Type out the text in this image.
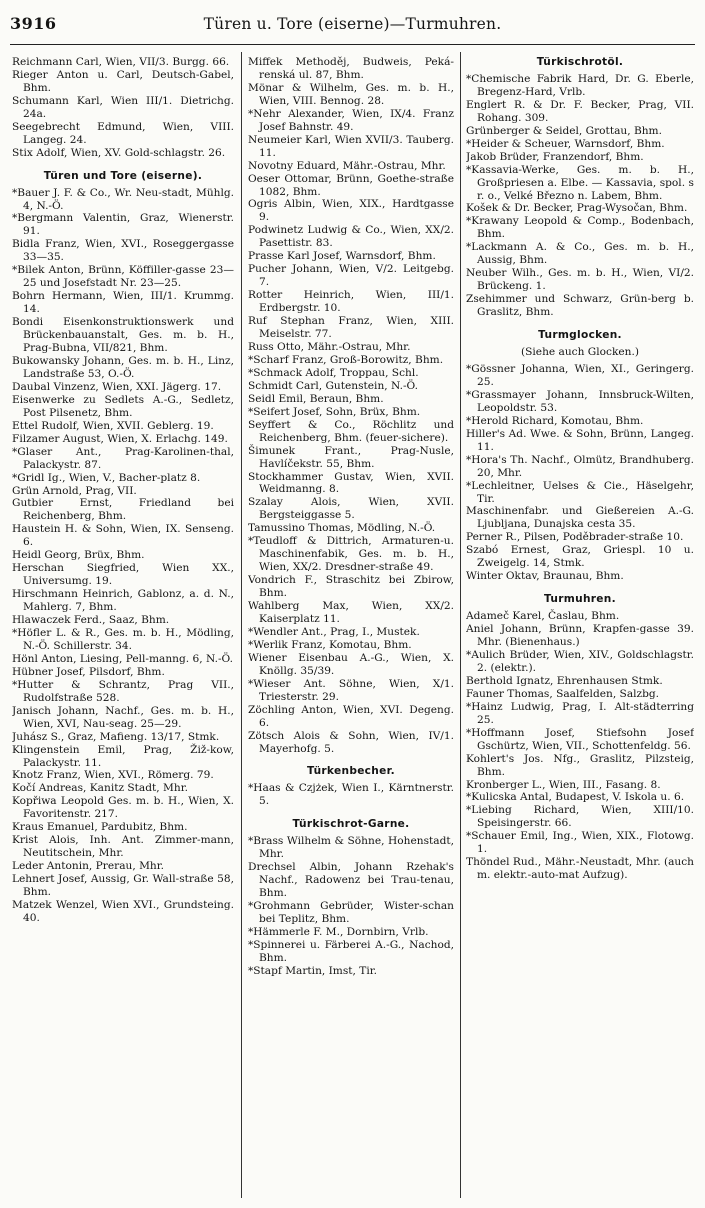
3916	Türen u. Tore (eiserne)—Turmuhren.

Reichmann Carl, Wien, VII/3. Burgg. 66.

Rieger Anton u. Carl, Deutsch-Gabel, Bhm.

Schumann Karl, Wien III/1. Dietrichg. 24a.

Seegebrecht Edmund, Wien, VIII. Langeg. 24.

Stix Adolf, Wien, XV. Gold-schlagstr. 26.

Türen und Tore (eiserne).

*Bauer J. F. & Co., Wr. Neu-stadt, Mühlg. 4, N.-Ö.

*Bergmann Valentin, Graz, Wienerstr. 91.

Bidla Franz, Wien, XVI., Roseggergasse 33—35.

*Bilek Anton, Brünn, Köffiller-gasse 23—25 und Josefstadt Nr. 23—25.

Bohrn Hermann, Wien, III/1. Krummg. 14.

Bondi Eisenkonstruktionswerk und Brückenbauanstalt, Ges. m. b. H., Prag-Bubna, VII/821, Bhm.

Bukowansky Johann, Ges. m. b. H., Linz, Landstraße 53, O.-Ö.

Daubal Vinzenz, Wien, XXI. Jägerg. 17.

Eisenwerke zu Sedlets A.-G., Sedletz, Post Pilsenetz, Bhm.

Ettel Rudolf, Wien, XVII. Geblerg. 19.

Filzamer August, Wien, X. Erlachg. 149.

*Glaser Ant., Prag-Karolinen-thal, Palackystr. 87.

*Gridl Ig., Wien, V., Bacher-platz 8.

Grün Arnold, Prag, VII.

Gutbier Ernst, Friedland bei Reichenberg, Bhm.

Haustein H. & Sohn, Wien, IX. Senseng. 6.

Heidl Georg, Brüx, Bhm.

Herschan Siegfried, Wien XX., Universumg. 19.

Hirschmann Heinrich, Gablonz, a. d. N., Mahlerg. 7, Bhm.

Hlawaczek Ferd., Saaz, Bhm.

*Höfler L. & R., Ges. m. b. H., Mödling, N.-Ö. Schillerstr. 34.

Hönl Anton, Liesing, Pell-manng. 6, N.-Ö.

Hübner Josef, Pilsdorf, Bhm.

*Hutter & Schrantz, Prag VII., Rudolfstraße 528.

Janisch Johann, Nachf., Ges. m. b. H., Wien, XVI, Nau-seag. 25—29.

Juhász S., Graz, Mafieng. 13/17, Stmk.

Klingenstein Emil, Prag, Žiž-kow, Palackystr. 11.

Knotz Franz, Wien, XVI., Römerg. 79.

Kočí Andreas, Kanitz Stadt, Mhr.

Kopřiwa Leopold Ges. m. b. H., Wien, X. Favoritenstr. 217.

Kraus Emanuel, Pardubitz, Bhm.

Krist Alois, Inh. Ant. Zimmer-mann, Neutitschein, Mhr.

Leder Antonin, Prerau, Mhr.

Lehnert Josef, Aussig, Gr. Wall-straße 58, Bhm.

Matzek Wenzel, Wien XVI., Grundsteing. 40.

Miffek Methoděj, Budweis, Peká-renská ul. 87, Bhm.

Mönar & Wilhelm, Ges. m. b. H., Wien, VIII. Bennog. 28.

*Nehr Alexander, Wien, IX/4. Franz Josef Bahnstr. 49.

Neumeier Karl, Wien XVII/3. Tauberg. 11.

Novotny Eduard, Mähr.-Ostrau, Mhr.

Oeser Ottomar, Brünn, Goethe-straße 1082, Bhm.

Ogris Albin, Wien, XIX., Hardtgasse 9.

Podwinetz Ludwig & Co., Wien, XX/2. Pasettistr. 83.

Prasse Karl Josef, Warnsdorf, Bhm.

Pucher Johann, Wien, V/2. Leitgebg. 7.

Rotter Heinrich, Wien, III/1. Erdbergstr. 10.

Ruf Stephan Franz, Wien, XIII. Meiselstr. 77.

Russ Otto, Mähr.-Ostrau, Mhr.

*Scharf Franz, Groß-Borowitz, Bhm.

*Schmack Adolf, Troppau, Schl.

Schmidt Carl, Gutenstein, N.-Ö.

Seidl Emil, Beraun, Bhm.

*Seifert Josef, Sohn, Brüx, Bhm.

Seyffert & Co., Röchlitz und Reichenberg, Bhm. (feuer-sichere).

Šimunek Frant., Prag-Nusle, Havlíčekstr. 55, Bhm.

Stockhammer Gustav, Wien, XVII. Weidmanng. 8.

Szalay Alois, Wien, XVII. Bergsteiggasse 5.

Tamussino Thomas, Mödling, N.-Ö.

*Teudloff & Dittrich, Armaturen-u. Maschinenfabik, Ges. m. b. H., Wien, XX/2. Dresdner-straße 49.

Vondrich F., Straschitz bei Zbirow, Bhm.

Wahlberg Max, Wien, XX/2. Kaiserplatz 11.

*Wendler Ant., Prag, I., Mustek.

*Werlik Franz, Komotau, Bhm.

Wiener Eisenbau A.-G., Wien, X. Knöllg. 35/39.

*Wieser Ant. Söhne, Wien, X/1. Triesterstr. 29.

Zöchling Anton, Wien, XVI. Degeng. 6.

Zötsch Alois & Sohn, Wien, IV/1. Mayerhofg. 5.

Türkenbecher.

*Haas & Czjżek, Wien I., Kärntnerstr. 5.

Türkischrot-Garne.

*Brass Wilhelm & Söhne, Hohenstadt, Mhr.

Drechsel Albin, Johann Rzehak's Nachf., Radowenz bei Trau-tenau, Bhm.

*Grohmann Gebrüder, Wister-schan bei Teplitz, Bhm.

*Hämmerle F. M., Dornbirn, Vrlb.

*Spinnerei u. Färberei A.-G., Nachod, Bhm.

*Stapf Martin, Imst, Tir.

Türkischrotöl.

*Chemische Fabrik Hard, Dr. G. Eberle, Bregenz-Hard, Vrlb.

Englert R. & Dr. F. Becker, Prag, VII. Rohang. 309.

Grünberger & Seidel, Grottau, Bhm.

*Heider & Scheuer, Warnsdorf, Bhm.

Jakob Brüder, Franzendorf, Bhm.

*Kassavia-Werke, Ges. m. b. H., Großpriesen a. Elbe. — Kassavia, spol. s r. o., Velké Březno n. Labem, Bhm.

Košek & Dr. Becker, Prag-Wysočan, Bhm.

*Krawany Leopold & Comp., Bodenbach, Bhm.

*Lackmann A. & Co., Ges. m. b. H., Aussig, Bhm.

Neuber Wilh., Ges. m. b. H., Wien, VI/2. Brückeng. 1.

Zsehimmer und Schwarz, Grün-berg b. Graslitz, Bhm.

Turmglocken.
(Siehe auch Glocken.)

*Gössner Johanna, Wien, XI., Geringerg. 25.

*Grassmayer Johann, Innsbruck-Wilten, Leopoldstr. 53.

*Herold Richard, Komotau, Bhm.

Hiller's Ad. Wwe. & Sohn, Brünn, Langeg. 11.

*Hora's Th. Nachf., Olmütz, Brandhuberg. 20, Mhr.

*Lechleitner, Uelses & Cie., Häselgehr, Tir.

Maschinenfabr. und Gießereien A.-G. Ljubljana, Dunajska cesta 35.

Perner R., Pilsen, Poděbrader-straße 10.

Szabó Ernest, Graz, Griespl. 10 u. Zweigelg. 14, Stmk.

Winter Oktav, Braunau, Bhm.

Turmuhren.

Adameč Karel, Časlau, Bhm.

Aniel Johann, Brünn, Krapfen-gasse 39. Mhr. (Bienenhaus.)

*Aulich Brüder, Wien, XIV., Goldschlagstr. 2. (elektr.).

Berthold Ignatz, Ehrenhausen Stmk.

Fauner Thomas, Saalfelden, Salzbg.

*Hainz Ludwig, Prag, I. Alt-städterring 25.

*Hoffmann Josef, Stiefsohn Josef Gschürtz, Wien, VII., Schottenfeldg. 56.

Kohlert's Jos. Nfg., Graslitz, Pilzsteig, Bhm.

Kronberger L., Wien, III., Fasang. 8.

*Kulicska Antal, Budapest, V. Iskola u. 6.

*Liebing Richard, Wien, XIII/10. Speisingerstr. 66.

*Schauer Emil, Ing., Wien, XIX., Flotowg. 1.

Thöndel Rud., Mähr.-Neustadt, Mhr. (auch m. elektr.-auto-mat Aufzug).
